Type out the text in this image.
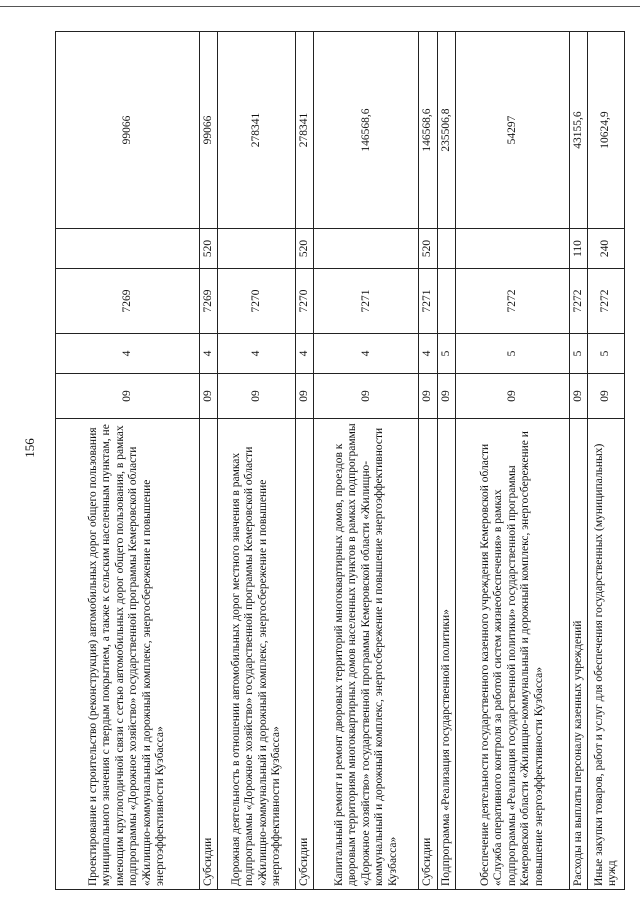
156	Проектирование и строительство (реконструкция) автомобильных дорог общего пользования муниципального значения с твердым покрытием, а также к сельским населенным пунктам, не имеющим круглогодичной связи с сетью автомобильных дорог общего пользования, в рамках подпрограммы «Дорожное хозяйство» государственной программы Кемеровской области «Жилищно-коммунальный и дорожный комплекс, энергосбережение и повышение энергоэффективности Кузбасса»	09	4	7269		99066
Субсидии	09	4	7269	520	99066
Дорожная деятельность в отношении автомобильных дорог местного значения в рамках подпрограммы «Дорожное хозяйство» государственной программы Кемеровской области «Жилищно-коммунальный и дорожный комплекс, энергосбережение и повышение энергоэффективности Кузбасса»	09	4	7270		278341
Субсидии	09	4	7270	520	278341
Капитальный ремонт и ремонт дворовых территорий многоквартирных домов, проездов к дворовым территориям многоквартирных домов населенных пунктов в рамках подпрограммы «Дорожное хозяйство» государственной программы Кемеровской области «Жилищно-коммунальный и дорожный комплекс, энергосбережение и повышение энергоэффективности Кузбасса»	09	4	7271		146568,6
Субсидии	09	4	7271	520	146568,6
Подпрограмма «Реализация государственной политики»	09	5			235506,8
Обеспечение деятельности государственного казенного учреждения Кемеровской области «Служба оперативного контроля за работой систем жизнеобеспечения» в рамках подпрограммы «Реализация государственной политики» государственной программы Кемеровской области «Жилищно-коммунальный и дорожный комплекс, энергосбережение и повышение энергоэффективности Кузбасса»	09	5	7272		54297
Расходы на выплаты персоналу казенных учреждений	09	5	7272	110	43155,6
Иные закупки товаров, работ и услуг для обеспечения государственных (муниципальных) нужд	09	5	7272	240	10624,9
